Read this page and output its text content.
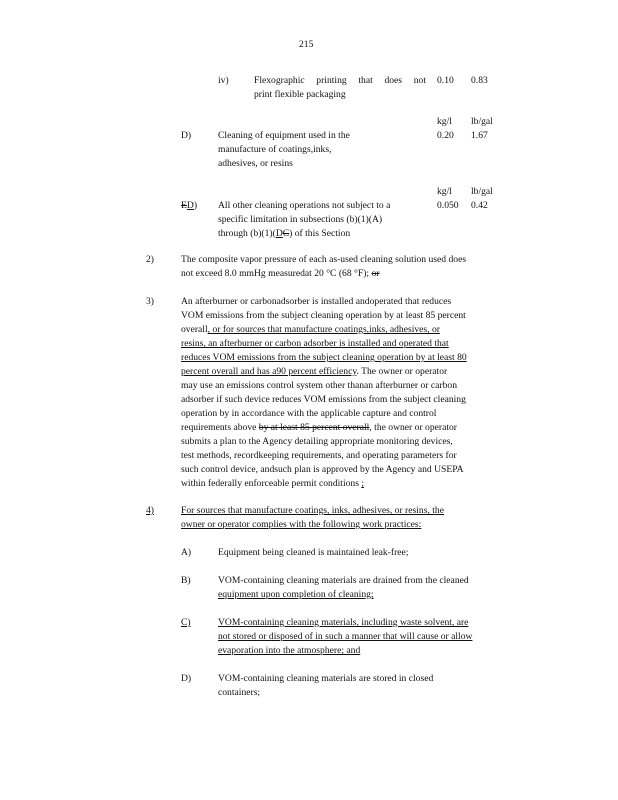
215
iv)	Flexographic printing that does not
print flexible packaging
0.10 0.83
kg/l lb/gal
D)	Cleaning of equipment used in the
manufacture of coatings,inks,
adhesives, or resins
0.20 1.67
kg/l lb/gal
ED) All other cleaning operations not subject to a
specific limitation in subsections (b)(1)(A)
through (b)(1)(DC) of this Section
0.050 0.42
2)	The composite vapor pressure of each as-used cleaning solution used does
not exceed 8.0 mmHg measuredat 20 °C (68 °F); or
3)	An afterburner or carbonadsorber is installed andoperated that reduces
VOM emissions from the subject cleaning operation by at least 85 percent
overall, or for sources that manufacture coatings,inks, adhesives, or
resins, an afterburner or carbon adsorber is installed and operated that
reduces VOM emissions from the subject cleaning operation by at least 80
percent overall and has a90 percent efficiency. The owner or operator
may use an emissions control system other thanan afterburner or carbon
adsorber if such device reduces VOM emissions from the subject cleaning
operation by in accordance with the applicable capture and control
requirements above by at least 85 percent overall, the owner or operator
submits a plan to the Agency detailing appropriate monitoring devices,
test methods, recordkeeping requirements, and operating parameters for
such control device, andsuch plan is approved by the Agency and USEPA
within federally enforceable permit conditions ;
4)	For sources that manufacture coatings, inks, adhesives, or resins, the
owner or operator complies with the following work practices:
A)	Equipment being cleaned is maintained leak-free;
B)	VOM-containing cleaning materials are drained from the cleaned
equipment upon completion of cleaning;
C)	VOM-containing cleaning materials, including waste solvent, are
not stored or disposed of in such a manner that will cause or allow
evaporation into the atmosphere; and
D)	VOM-containing cleaning materials are stored in closed
containers;
